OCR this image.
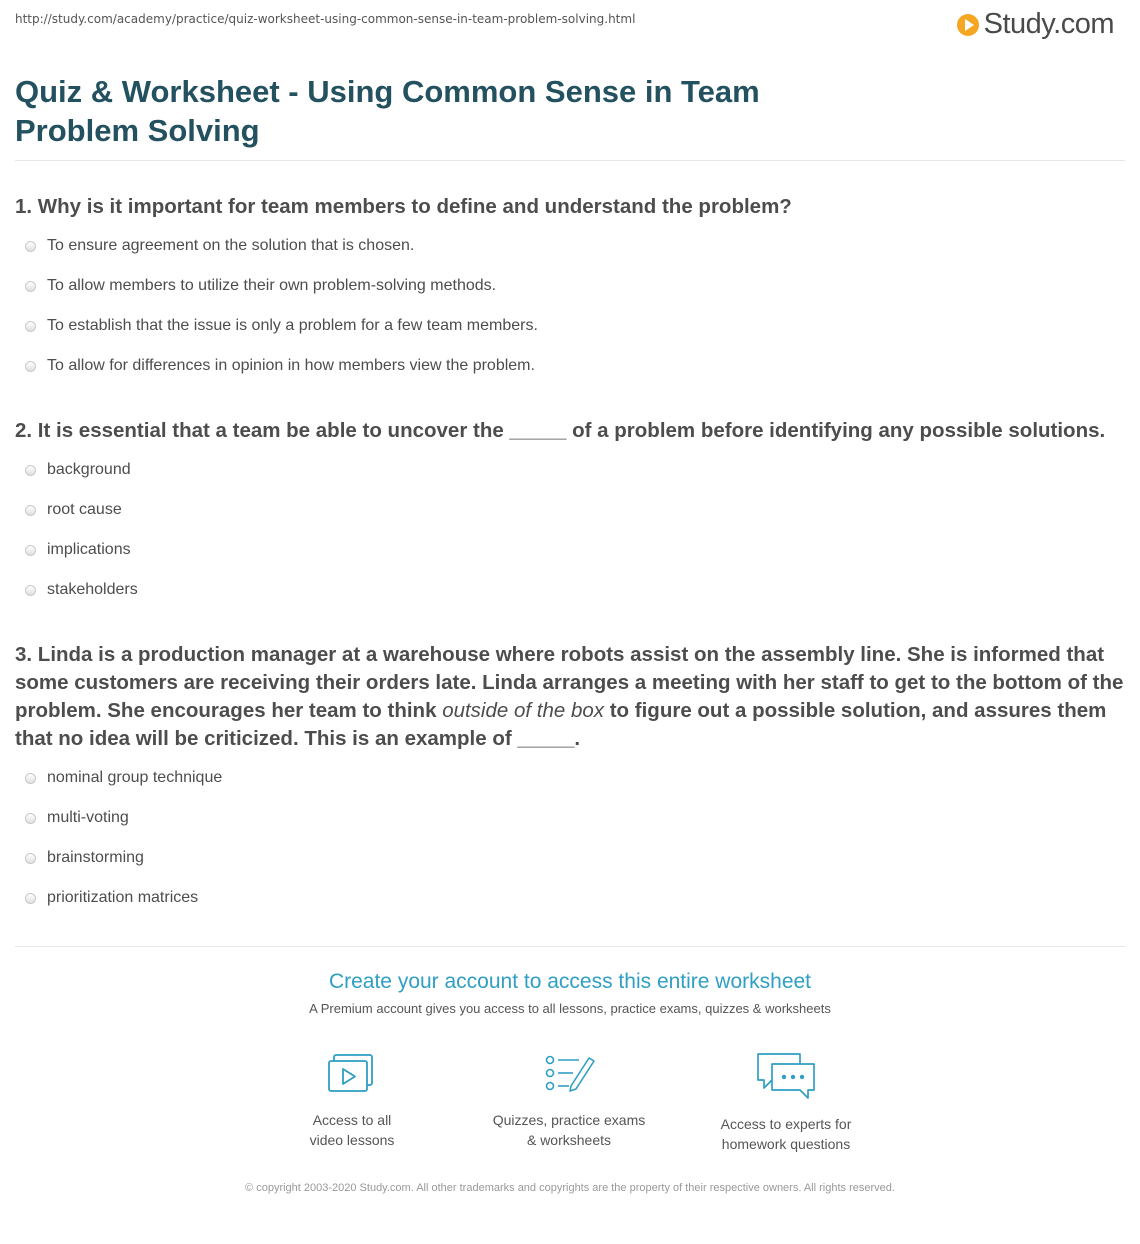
http://study.com/academy/practice/quiz-worksheet-using-common-sense-in-team-problem-solving.html	Study.com
Quiz & Worksheet - Using Common Sense in Team
Problem Solving
1. Why is it important for team members to define and understand the problem?
To ensure agreement on the solution that is chosen.
To allow members to utilize their own problem-solving methods.
To establish that the issue is only a problem for a few team members.
To allow for differences in opinion in how members view the problem.
2. It is essential that a team be able to uncover the _____ of a problem before identifying any possible solutions.
background
root cause
implications
stakeholders
3. Linda is a production manager at a warehouse where robots assist on the assembly line. She is informed that some customers are receiving their orders late. Linda arranges a meeting with her staff to get to the bottom of the problem. She encourages her team to think outside of the box to figure out a possible solution, and assures them that no idea will be criticized. This is an example of _____.
nominal group technique
multi-voting
brainstorming
prioritization matrices
Create your account to access this entire worksheet
A Premium account gives you access to all lessons, practice exams, quizzes & worksheets
Access to all
video lessons
Quizzes, practice exams
& worksheets
Access to experts for
homework questions
© copyright 2003-2020 Study.com. All other trademarks and copyrights are the property of their respective owners. All rights reserved.
